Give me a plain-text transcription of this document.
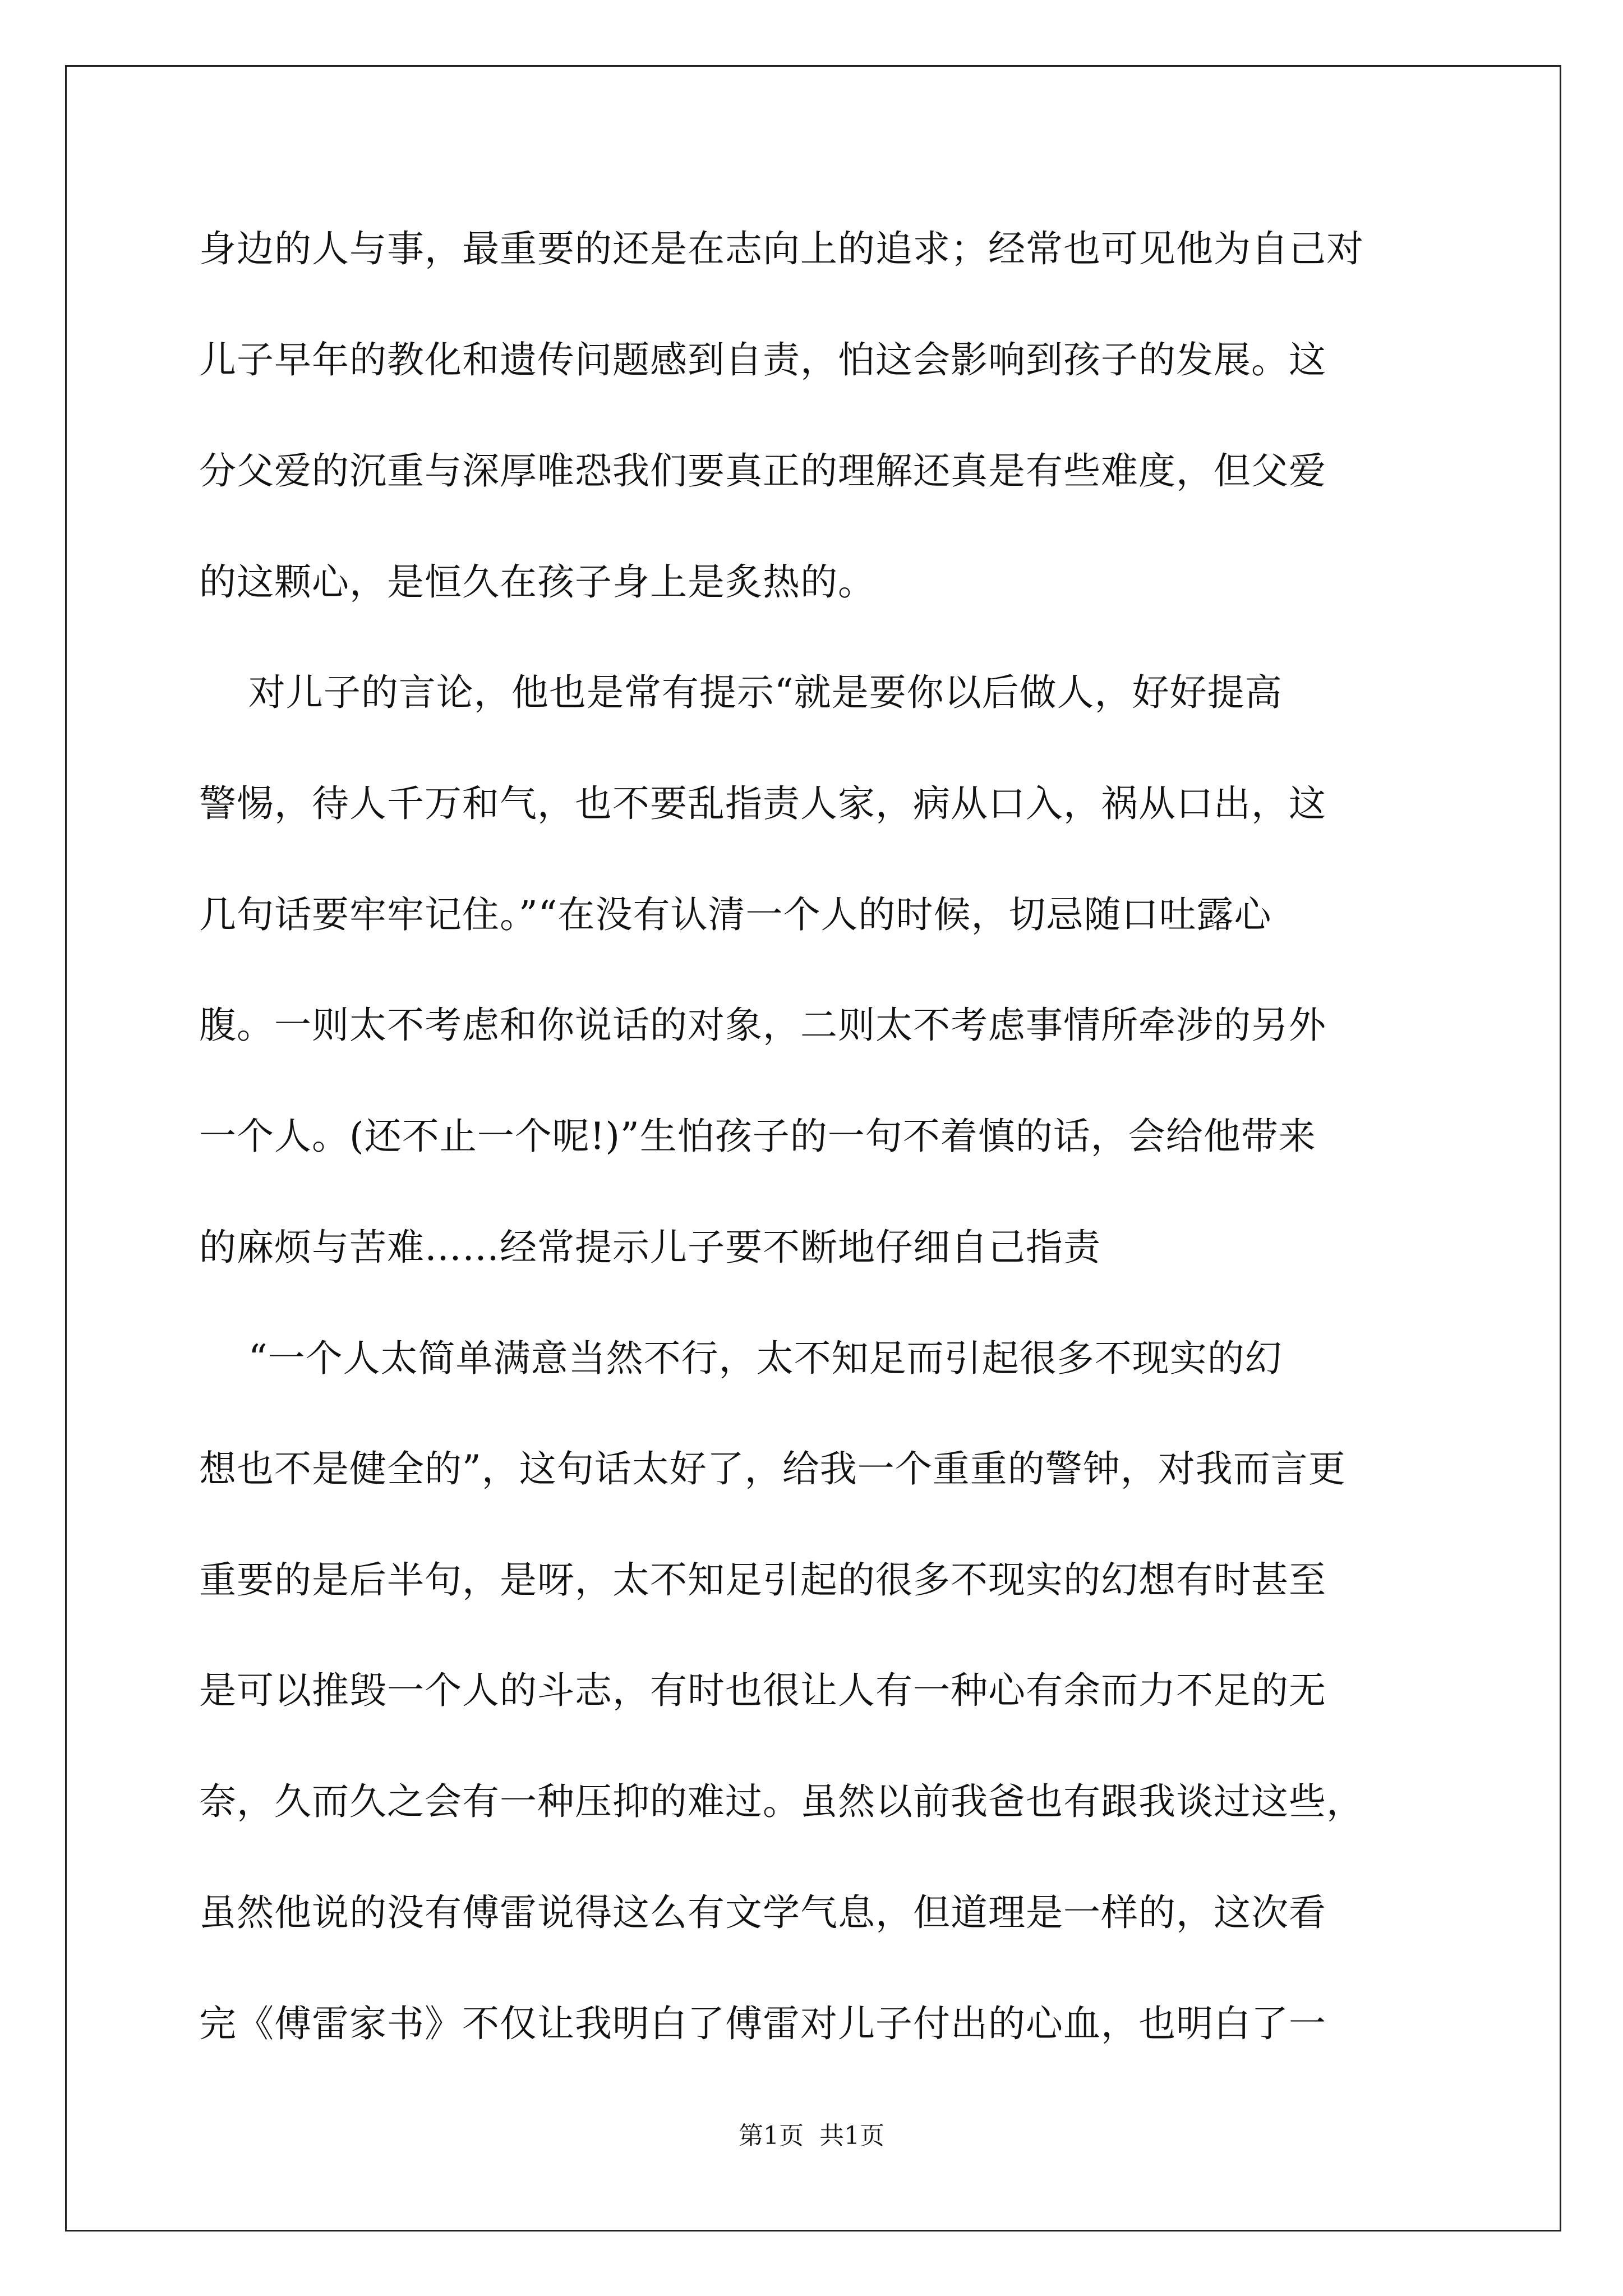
身边的人与事，最重要的还是在志向上的追求；经常也可见他为自己对
儿子早年的教化和遗传问题感到自责，怕这会影响到孩子的发展。这
分父爱的沉重与深厚唯恐我们要真正的理解还真是有些难度，但父爱
的这颗心，是恒久在孩子身上是炙热的。
对儿子的言论，他也是常有提示“就是要你以后做人，好好提高
警惕，待人千万和气，也不要乱指责人家，病从口入，祸从口出，这
几句话要牢牢记住。”“在没有认清一个人的时候，切忌随口吐露心
腹。一则太不考虑和你说话的对象，二则太不考虑事情所牵涉的另外
一个人。(还不止一个呢!)”生怕孩子的一句不着慎的话，会给他带来
的麻烦与苦难……经常提示儿子要不断地仔细自己指责
“一个人太简单满意当然不行，太不知足而引起很多不现实的幻
想也不是健全的”，这句话太好了，给我一个重重的警钟，对我而言更
重要的是后半句，是呀，太不知足引起的很多不现实的幻想有时甚至
是可以推毁一个人的斗志，有时也很让人有一种心有余而力不足的无
奈，久而久之会有一种压抑的难过。虽然以前我爸也有跟我谈过这些，
虽然他说的没有傅雷说得这么有文学气息，但道理是一样的，这次看
完《傅雷家书》不仅让我明白了傅雷对儿子付出的心血，也明白了一
第1页  共1页
